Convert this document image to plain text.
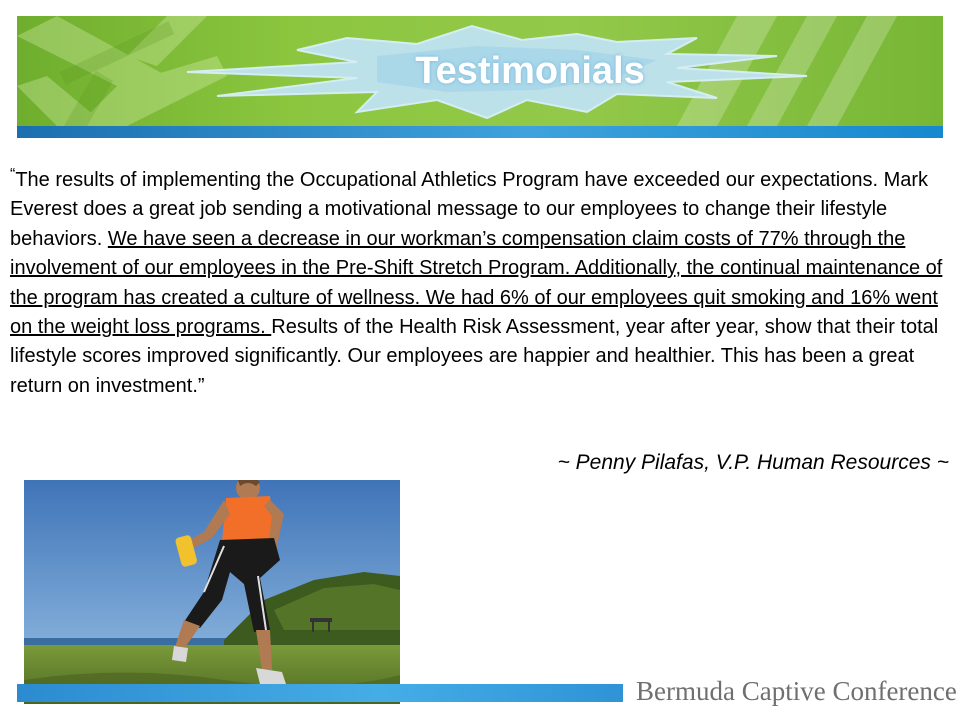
Testimonials
“The results of implementing the Occupational Athletics Program have exceeded our expectations. Mark Everest does a great job sending a motivational message to our employees to change their lifestyle behaviors. We have seen a decrease in our workman’s compensation claim costs of 77% through the involvement of our employees in the Pre-Shift Stretch Program. Additionally, the continual maintenance of the program has created a culture of wellness. We had 6% of our employees quit smoking and 16% went on the weight loss programs. Results of the Health Risk Assessment, year after year, show that their total lifestyle scores improved significantly. Our employees are happier and healthier. This has been a great return on investment.”
~ Penny Pilafas, V.P. Human Resources ~
Bermuda Captive Conference
